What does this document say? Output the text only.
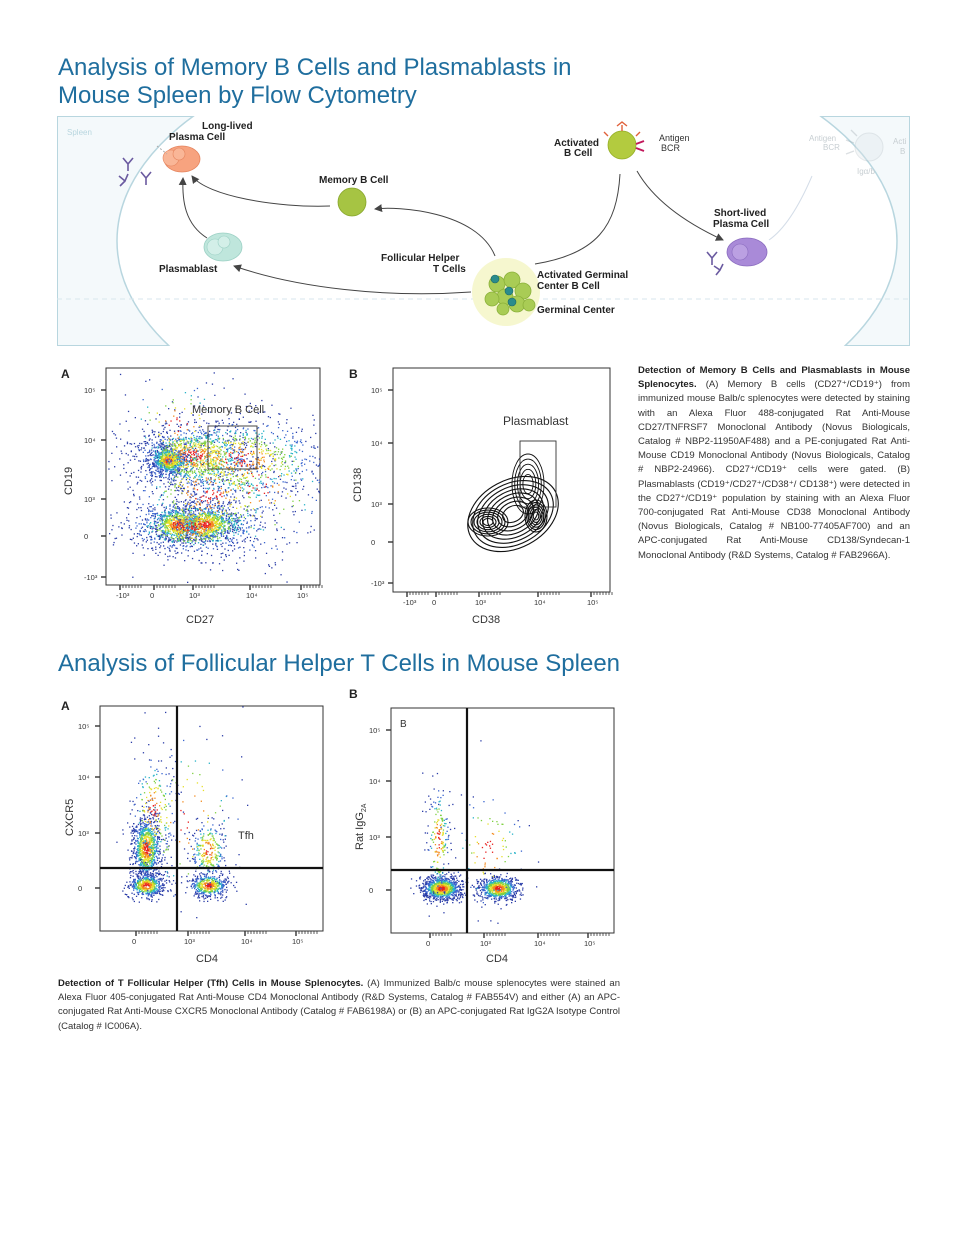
Analysis of Memory B Cells and Plasmablasts in
Mouse Spleen by Flow Cytometry
Spleen
Long-lived
Plasma Cell
Memory B Cell
Plasmablast
Activated
B Cell
Antigen
BCR
Short-lived
Plasma Cell
Antigen
BCR
Acti
B
Igα/b
Follicular Helper
T Cells
Activated Germinal
Center B Cell
Germinal Center
A
Memory B Cell
-10³	0	10³	10⁴	10⁵
10⁵
10⁴
10³
0
-10³
CD27
CD19
B
Plasmablast
-10³ 0	10³	10⁴	10⁵
10⁵
10⁴
10³
0
-10³
CD38
CD138
Detection of Memory B Cells and Plasmablasts in Mouse Splenocytes. (A) Memory B cells (CD27⁺/CD19⁺) from immunized mouse Balb/c splenocytes were detected by staining with an Alexa Fluor 488-conjugated Rat Anti-Mouse CD27/TNFRSF7 Monoclonal Antibody (Novus Biologicals, Catalog # NBP2-11950AF488) and a PE-conjugated Rat Anti-Mouse CD19 Monoclonal Antibody (Novus Biologicals, Catalog # NBP2-24966). CD27⁺/CD19⁺ cells were gated. (B) Plasmablasts (CD19⁺/CD27⁺/CD38⁺/ CD138⁺) were detected in the CD27⁺/CD19⁺ population by staining with an Alexa Fluor 700-conjugated Rat Anti-Mouse CD38 Monoclonal Antibody (Novus Biologicals, Catalog # NB100-77405AF700) and an APC-conjugated Rat Anti-Mouse CD138/Syndecan-1 Monoclonal Antibody (R&D Systems, Catalog # FAB2966A).
Analysis of Follicular Helper T Cells in Mouse Spleen
A
Tfh
0	10³	10⁴	10⁵
10⁵
10⁴
10³
0
CD4
CXCR5
B
B
0	10³	10⁴	10⁵
10⁵
10⁴
10³
0
CD4
Rat IgG$_{2A}$
Detection of T Follicular Helper (Tfh) Cells in Mouse Splenocytes. (A) Immunized Balb/c mouse splenocytes were stained an Alexa Fluor 405-conjugated Rat Anti-Mouse CD4 Monoclonal Antibody (R&D Systems, Catalog # FAB554V) and either (A) an APC-conjugated Rat Anti-Mouse CXCR5 Monoclonal Antibody (Catalog # FAB6198A) or (B) an APC-conjugated Rat IgG2A Isotype Control (Catalog # IC006A).
